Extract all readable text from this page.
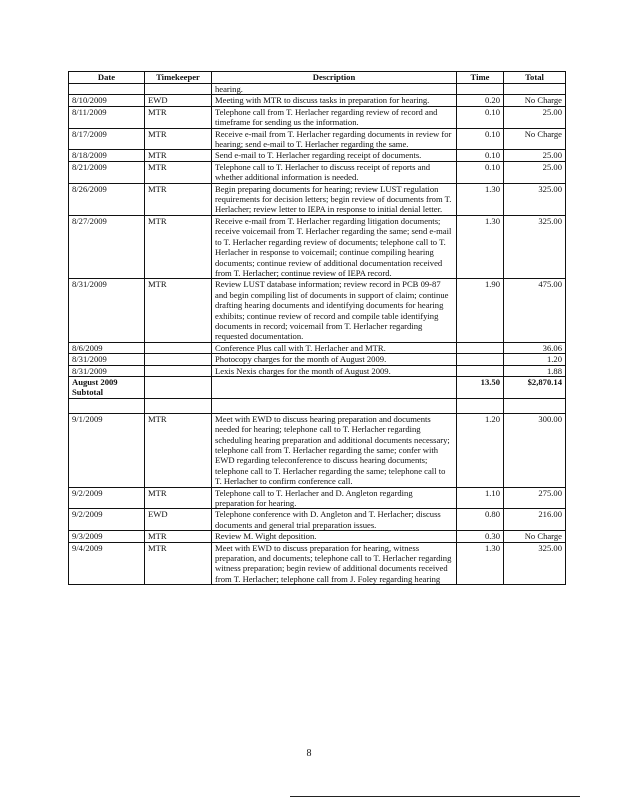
Date	Timekeeper	Description	Time	Total
		hearing.		
8/10/2009	EWD	Meeting with MTR to discuss tasks in preparation for hearing.	0.20	No Charge
8/11/2009	MTR	Telephone call from T. Herlacher regarding review of record and timeframe for sending us the information.	0.10	25.00
8/17/2009	MTR	Receive e-mail from T. Herlacher regarding documents in review for hearing; send e-mail to T. Herlacher regarding the same.	0.10	No Charge
8/18/2009	MTR	Send e-mail to T. Herlacher regarding receipt of documents.	0.10	25.00
8/21/2009	MTR	Telephone call to T. Herlacher to discuss receipt of reports and whether additional information is needed.	0.10	25.00
8/26/2009	MTR	Begin preparing documents for hearing; review LUST regulation requirements for decision letters; begin review of documents from T. Herlacher; review letter to IEPA in response to initial denial letter.	1.30	325.00
8/27/2009	MTR	Receive e-mail from T. Herlacher regarding litigation documents; receive voicemail from T. Herlacher regarding the same; send e-mail to T. Herlacher regarding review of documents; telephone call to T. Herlacher in response to voicemail; continue compiling hearing documents; continue review of additional documentation received from T. Herlacher; continue review of IEPA record.	1.30	325.00
8/31/2009	MTR	Review LUST database information; review record in PCB 09-87 and begin compiling list of documents in support of claim; continue drafting hearing documents and identifying documents for hearing exhibits; continue review of record and compile table identifying documents in record; voicemail from T. Herlacher regarding requested documentation.	1.90	475.00
8/6/2009		Conference Plus call with T. Herlacher and MTR.		36.06
8/31/2009		Photocopy charges for the month of August 2009.		1.20
8/31/2009		Lexis Nexis charges for the month of August 2009.		1.88
August 2009 Subtotal			13.50	$2,870.14

9/1/2009	MTR	Meet with EWD to discuss hearing preparation and documents needed for hearing; telephone call to T. Herlacher regarding scheduling hearing preparation and additional documents necessary; telephone call from T. Herlacher regarding the same; confer with EWD regarding teleconference to discuss hearing documents; telephone call to T. Herlacher regarding the same; telephone call to T. Herlacher to confirm conference call.	1.20	300.00
9/2/2009	MTR	Telephone call to T. Herlacher and D. Angleton regarding preparation for hearing.	1.10	275.00
9/2/2009	EWD	Telephone conference with D. Angleton and T. Herlacher; discuss documents and general trial preparation issues.	0.80	216.00
9/3/2009	MTR	Review M. Wight deposition.	0.30	No Charge
9/4/2009	MTR	Meet with EWD to discuss preparation for hearing, witness preparation, and documents; telephone call to T. Herlacher regarding witness preparation; begin review of additional documents received from T. Herlacher; telephone call from J. Foley regarding hearing	1.30	325.00
8
